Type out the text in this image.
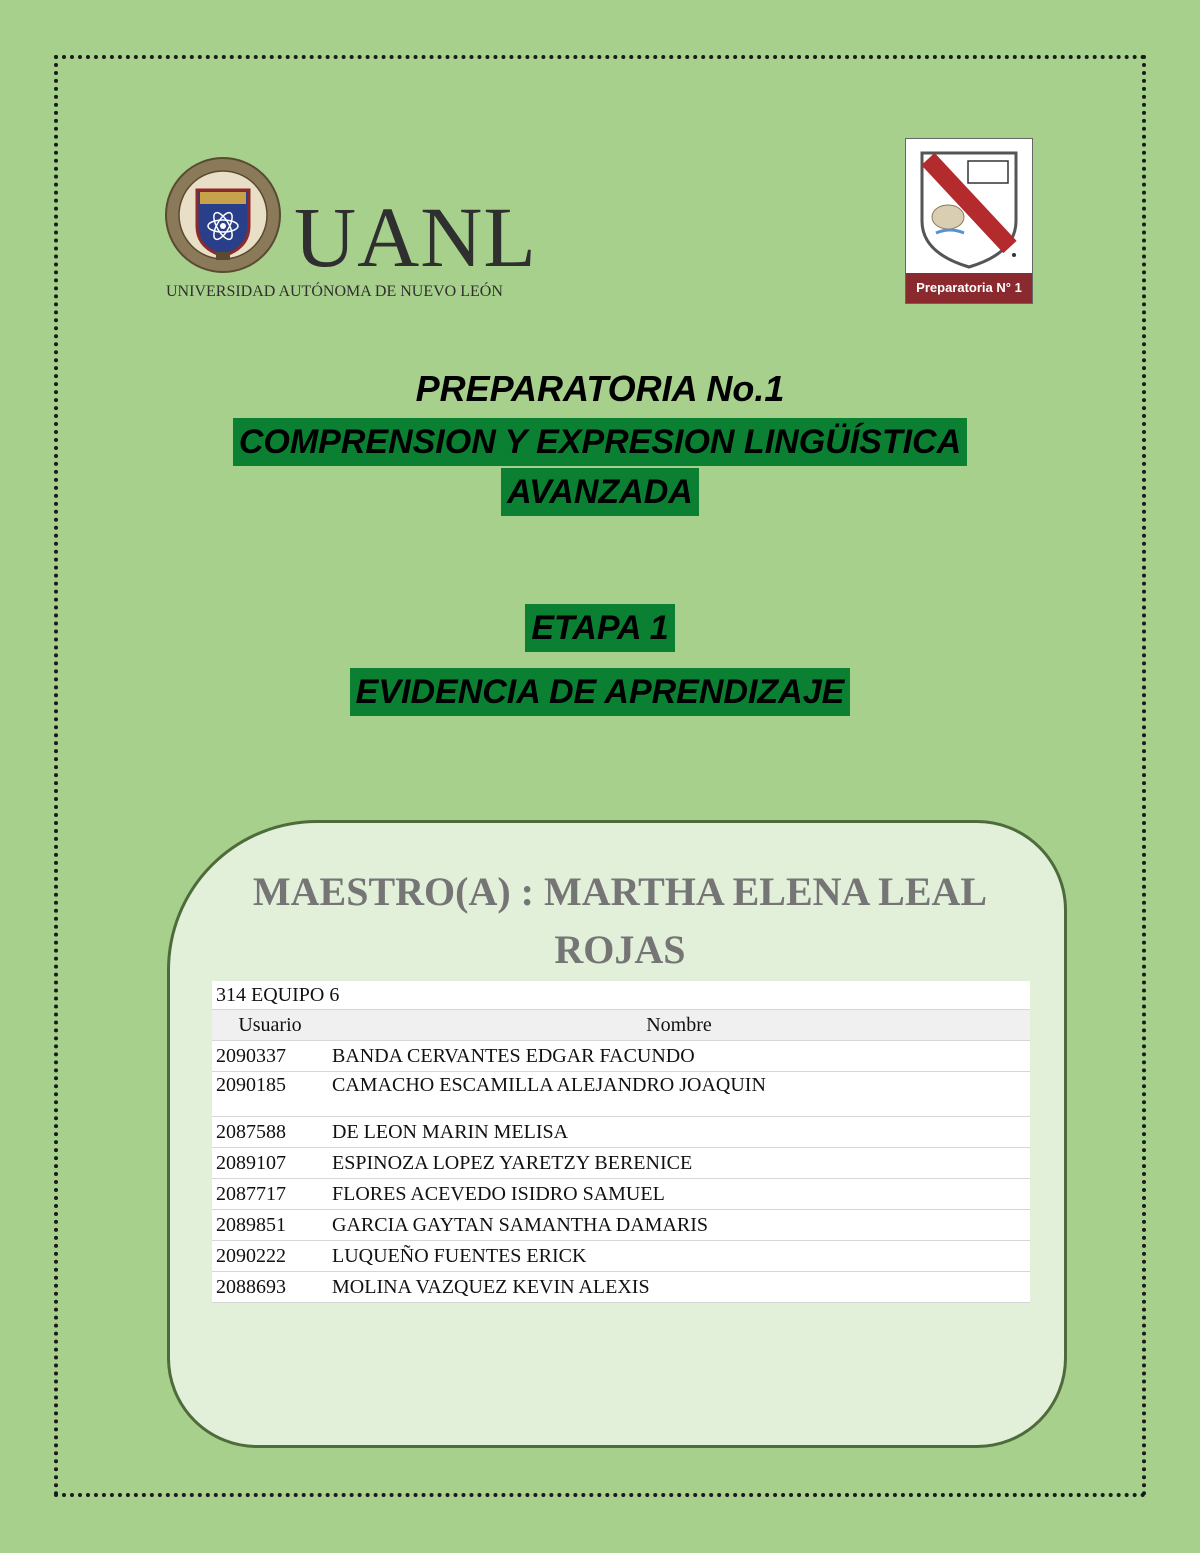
UANL
UNIVERSIDAD AUTÓNOMA DE NUEVO LEÓN	Preparatoria N° 1

PREPARATORIA No.1

COMPRENSION Y EXPRESION LINGÜÍSTICA

AVANZADA

ETAPA 1

EVIDENCIA DE APRENDIZAJE

MAESTRO(A) : MARTHA ELENA LEAL
ROJAS
314 EQUIPO 6	
Usuario	Nombre
2090337	BANDA CERVANTES EDGAR FACUNDO
2090185	CAMACHO ESCAMILLA ALEJANDRO JOAQUIN
2087588	DE LEON MARIN MELISA
2089107	ESPINOZA LOPEZ YARETZY BERENICE
2087717	FLORES ACEVEDO ISIDRO SAMUEL
2089851	GARCIA GAYTAN SAMANTHA DAMARIS
2090222	LUQUEÑO FUENTES ERICK
2088693	MOLINA VAZQUEZ KEVIN ALEXIS
